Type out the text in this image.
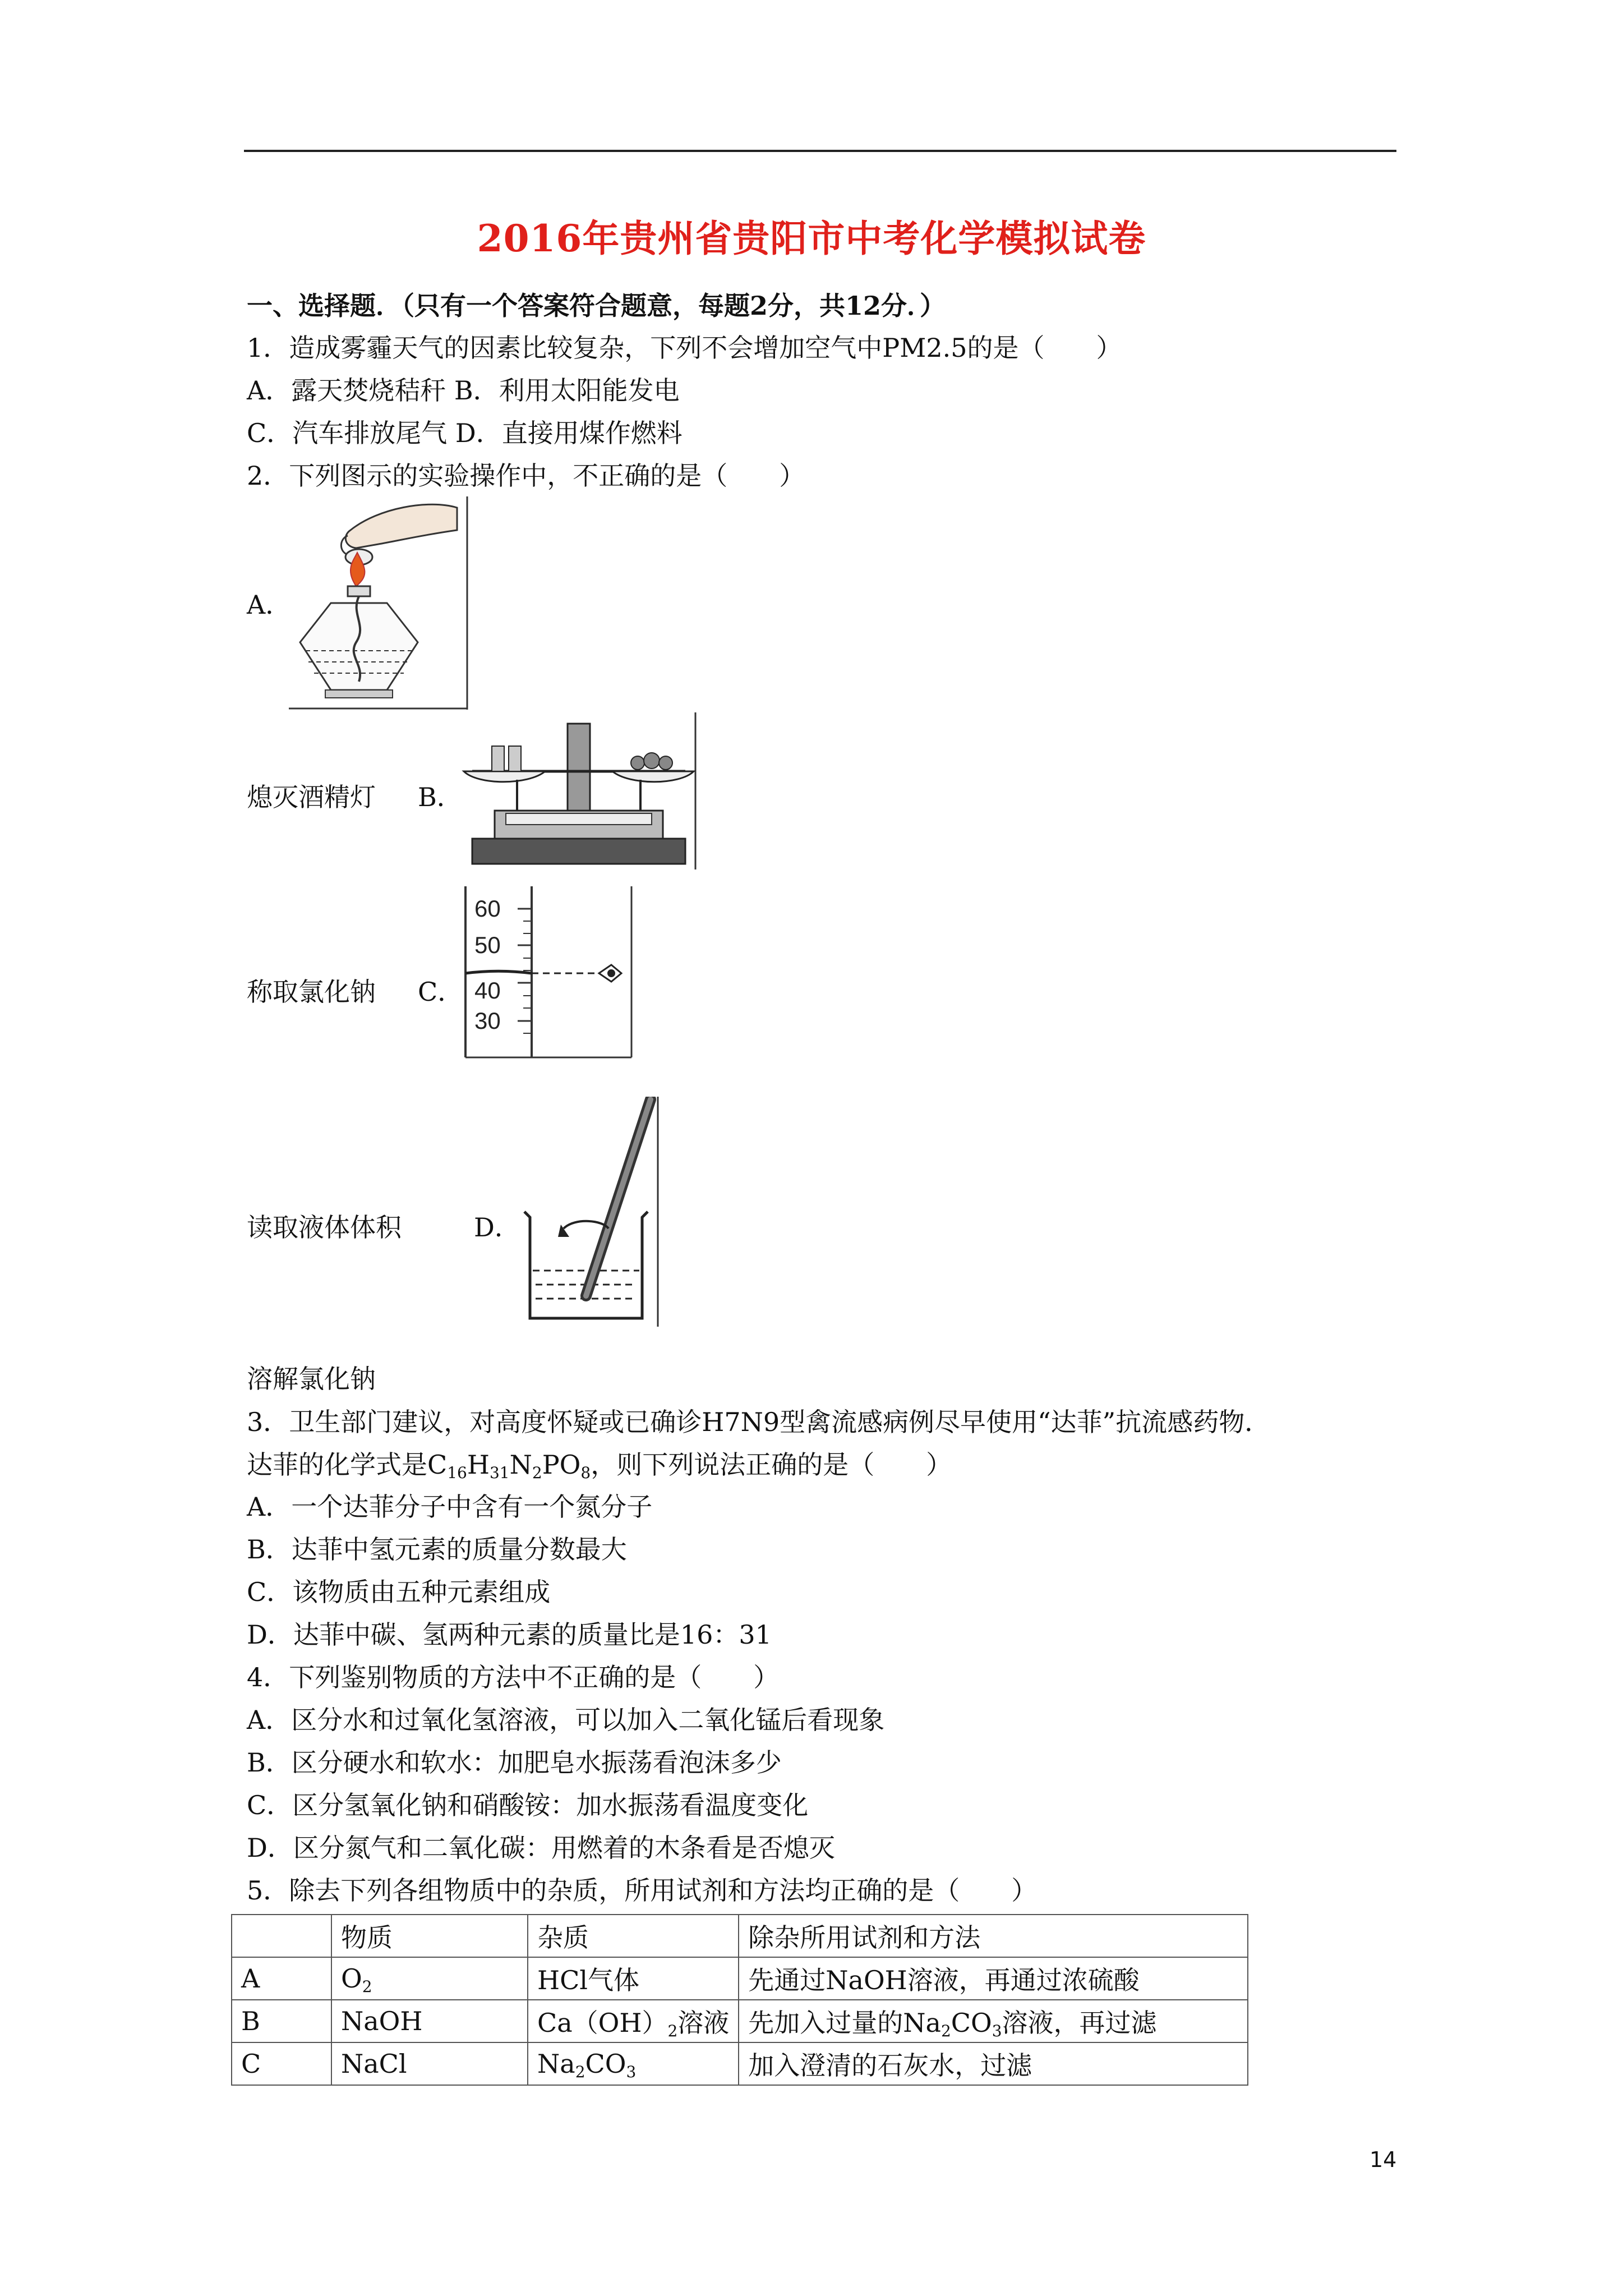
2016年贵州省贵阳市中考化学模拟试卷
一、选择题．（只有一个答案符合题意，每题2分，共12分．）
1．造成雾霾天气的因素比较复杂，下列不会增加空气中PM2.5的是（　　）
A．露天焚烧秸秆 B．利用太阳能发电
C．汽车排放尾气 D．直接用煤作燃料
2．下列图示的实验操作中，不正确的是（　　）
A．
熄灭酒精灯 B．
称取氯化钠 C．
60
50
40
30
读取液体体积	D．
溶解氯化钠
3．卫生部门建议，对高度怀疑或已确诊H7N9型禽流感病例尽早使用“达菲”抗流感药物．
达菲的化学式是$C_{16}H_{31}N_2PO_8$，则下列说法正确的是（　　）
A．一个达菲分子中含有一个氮分子
B．达菲中氢元素的质量分数最大
C．该物质由五种元素组成
D．达菲中碳、氢两种元素的质量比是16：31
4．下列鉴别物质的方法中不正确的是（　　）
A．区分水和过氧化氢溶液，可以加入二氧化锰后看现象
B．区分硬水和软水：加肥皂水振荡看泡沫多少
C．区分氢氧化钠和硝酸铵：加水振荡看温度变化
D．区分氮气和二氧化碳：用燃着的木条看是否熄灭
5．除去下列各组物质中的杂质，所用试剂和方法均正确的是（　　）
	物质	杂质	除杂所用试剂和方法
A	$O_2$	HCl气体	先通过NaOH溶液，再通过浓硫酸
B	NaOH	$Ca(OH)_2$溶液	先加入过量的$Na_2CO_3$溶液，再过滤
C	NaCl	$Na_2CO_3$	加入澄清的石灰水，过滤
14
